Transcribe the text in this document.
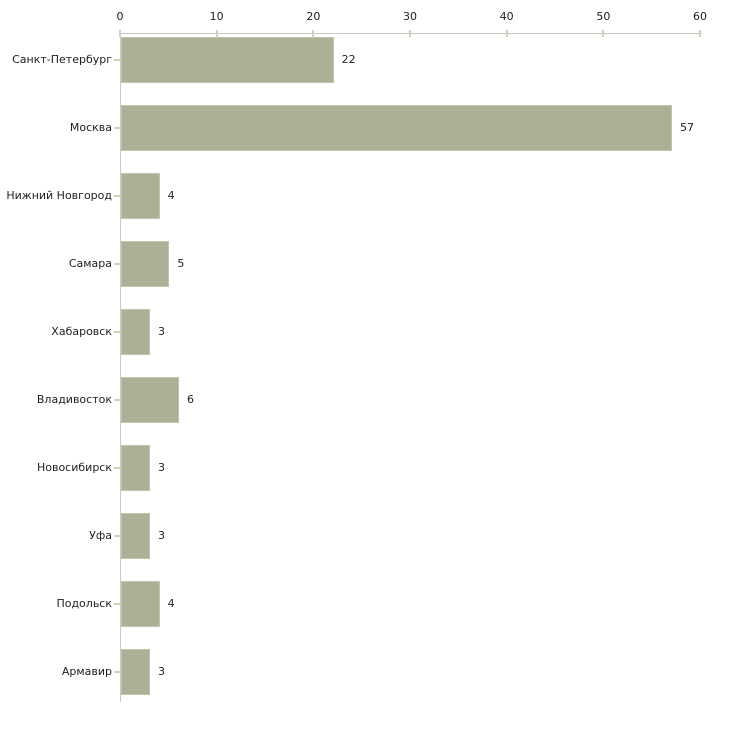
0	10	20	30	40	50	60
Санкт-Петербург	22
Москва	57
Нижний Новгород	4
Самара	5
Хабаровск	3
Владивосток	6
Новосибирск	3
Уфа	3
Подольск	4
Армавир	3
